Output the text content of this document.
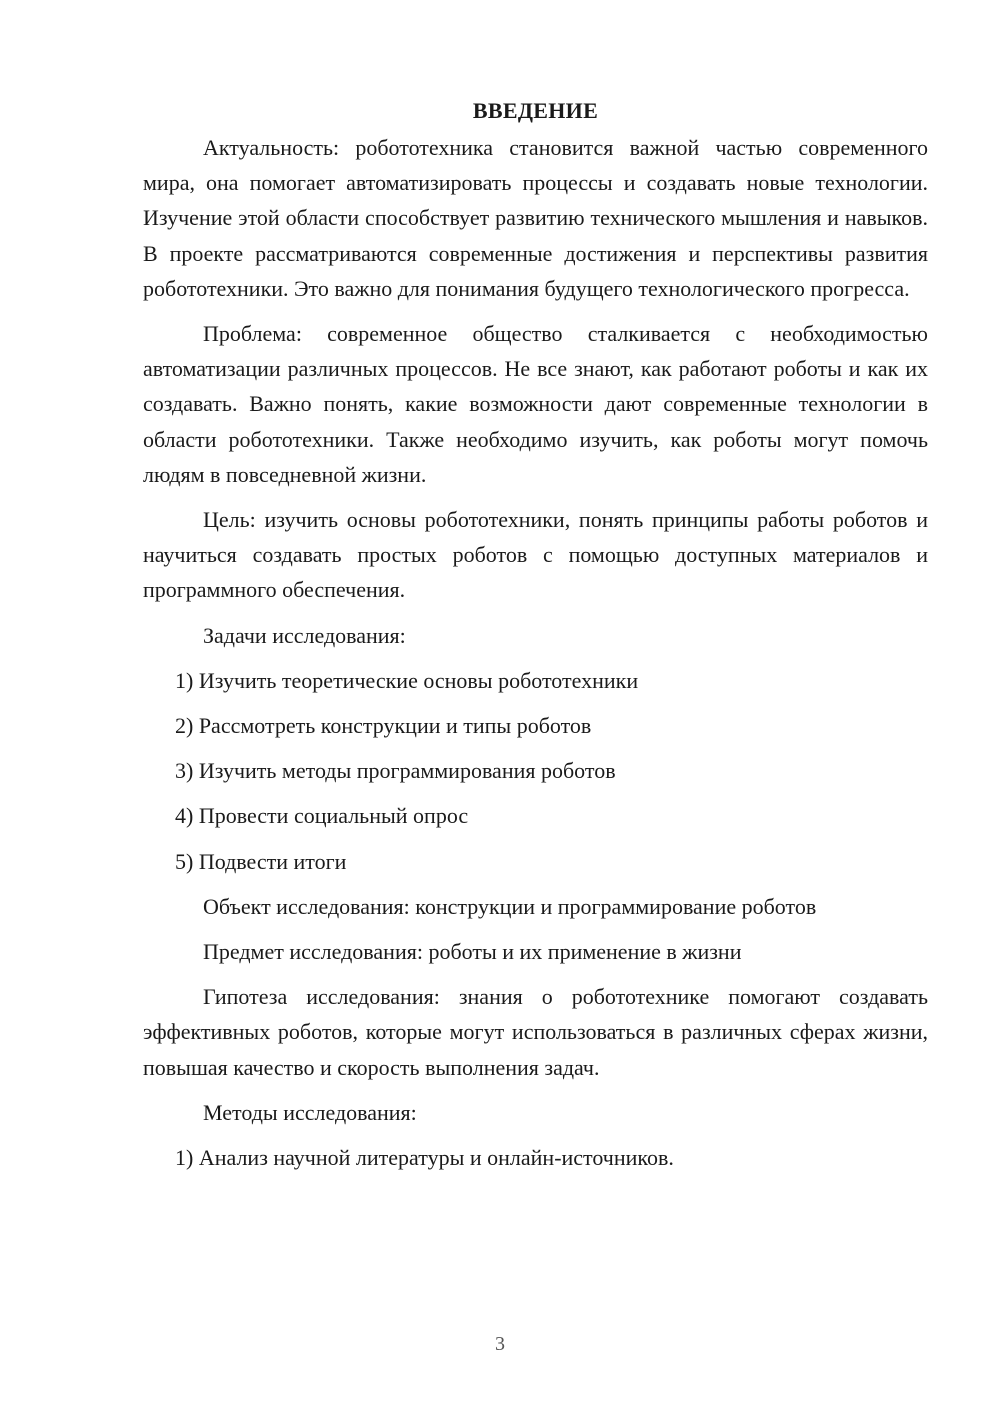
ВВЕДЕНИЕ

Актуальность: робототехника становится важной частью современного мира, она помогает автоматизировать процессы и создавать новые технологии. Изучение этой области способствует развитию технического мышления и навыков. В проекте рассматриваются современные достижения и перспективы развития робототехники. Это важно для понимания будущего технологического прогресса.

Проблема: современное общество сталкивается с необходимостью автоматизации различных процессов. Не все знают, как работают роботы и как их создавать. Важно понять, какие возможности дают современные технологии в области робототехники. Также необходимо изучить, как роботы могут помочь людям в повседневной жизни.

Цель: изучить основы робототехники, понять принципы работы роботов и научиться создавать простых роботов с помощью доступных материалов и программного обеспечения.

Задачи исследования:
1) Изучить теоретические основы робототехники
2) Рассмотреть конструкции и типы роботов
3) Изучить методы программирования роботов
4) Провести социальный опрос
5) Подвести итоги
Объект исследования: конструкции и программирование роботов
Предмет исследования: роботы и их применение в жизни

Гипотеза исследования: знания о робототехнике помогают создавать эффективных роботов, которые могут использоваться в различных сферах жизни, повышая качество и скорость выполнения задач.

Методы исследования:
1) Анализ научной литературы и онлайн-источников.
3
